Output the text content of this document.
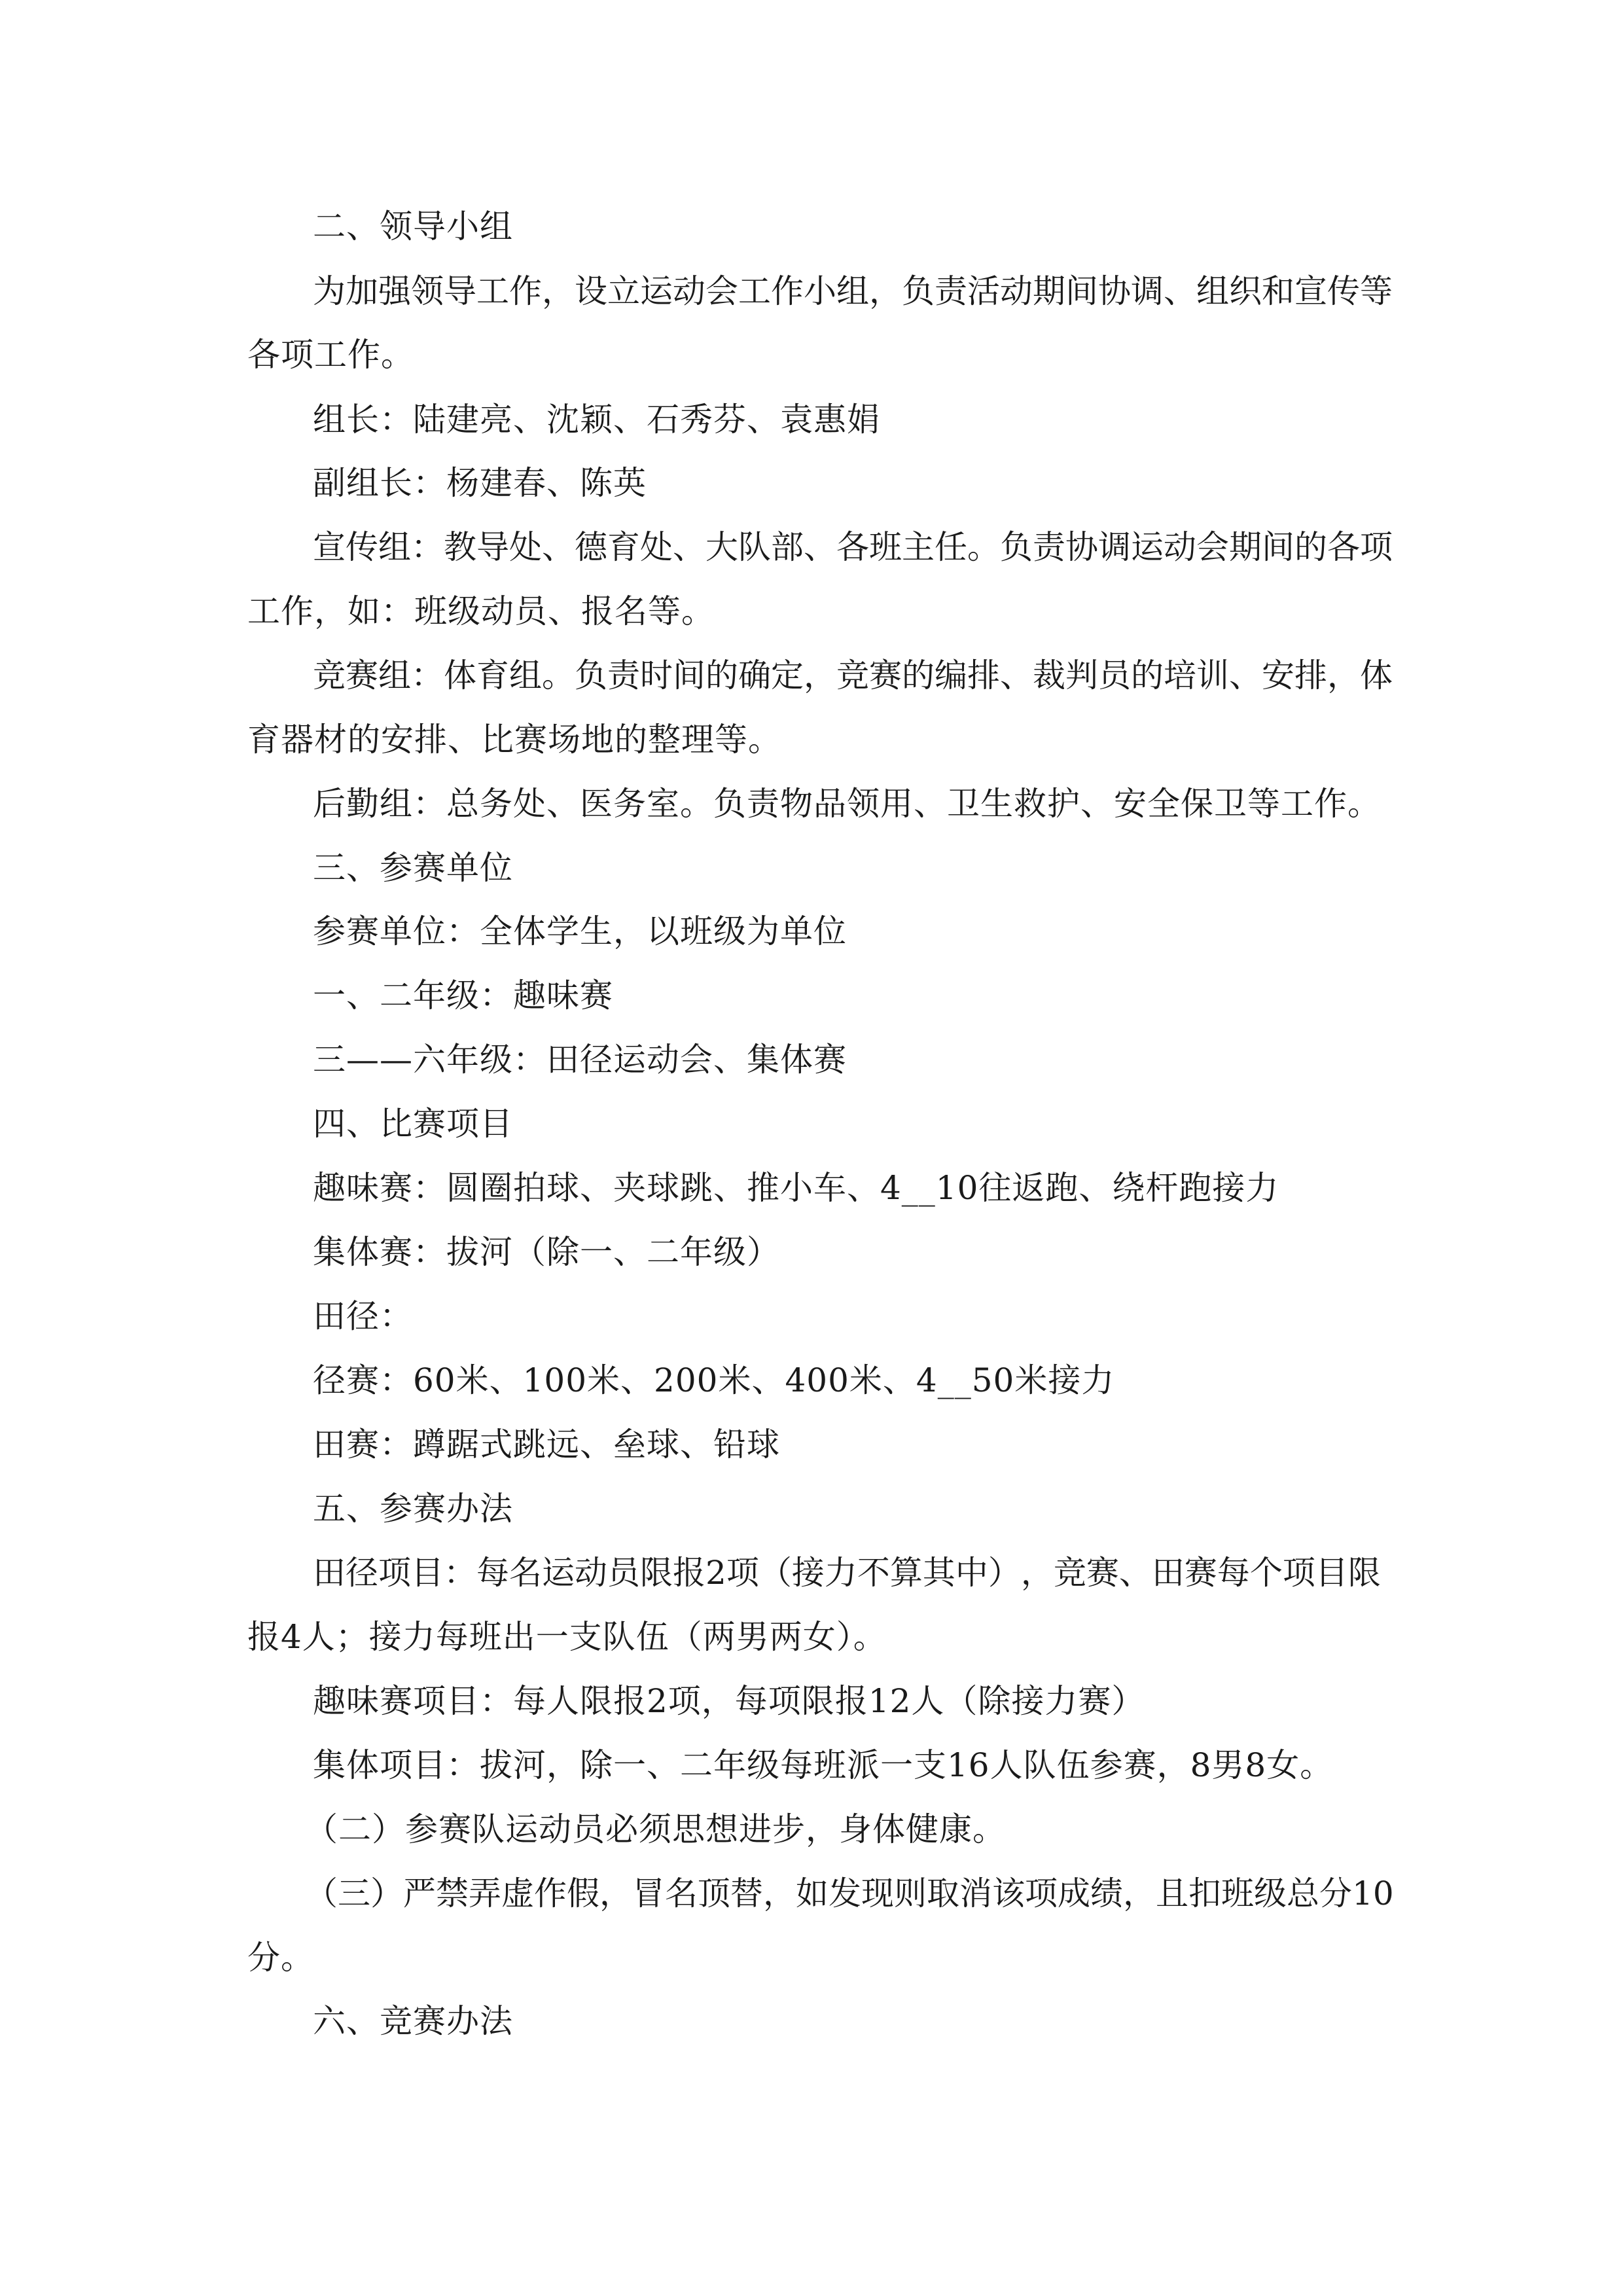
二、领导小组
为 加 强 领 导 工 作 ， 设 立 运 动 会 工 作 小 组 ， 负 责 活 动 期 间 协 调 、 组 织 和 宣 传 等
各项工作。
组长：陆建亮、沈颖、石秀芬、袁惠娟
副组长：杨建春、陈英
宣 传 组 ： 教 导 处 、 德 育 处 、 大 队 部 、 各 班 主 任 。 负 责 协 调 运 动 会 期 间 的 各 项
工作，如：班级动员、报名等。
竞 赛 组 ： 体 育 组 。 负 责 时 间 的 确 定 ， 竞 赛 的 编 排 、 裁 判 员 的 培 训 、 安 排 ， 体
育器材的安排、比赛场地的整理等。
后勤组：总务处、医务室。负责物品领用、卫生救护、安全保卫等工作。
三、参赛单位
参赛单位：全体学生，以班级为单位
一、二年级：趣味赛
三——六年级：田径运动会、集体赛
四、比赛项目
趣味赛：圆圈拍球、夹球跳、推小车、4__10往返跑、绕杆跑接力
集体赛：拔河（除一、二年级）
田径：
径赛：60米、100米、200米、400米、4__50米接力
田赛：蹲踞式跳远、垒球、铅球
五、参赛办法
田 径 项 目 ： 每 名 运 动 员 限 报 2 项 （ 接 力 不 算 其 中 ） ， 竞 赛 、 田 赛 每 个 项 目 限
报4人；接力每班出一支队伍（两男两女）。
趣味赛项目：每人限报2项，每项限报12人（除接力赛）
集体项目：拔河，除一、二年级每班派一支16人队伍参赛，8男8女。
（二）参赛队运动员必须思想进步，身体健康。
（ 三 ） 严 禁 弄 虚 作 假 ， 冒 名 顶 替 ， 如 发 现 则 取 消 该 项 成 绩 ， 且 扣 班 级 总 分 1 0
分。
六、竞赛办法
